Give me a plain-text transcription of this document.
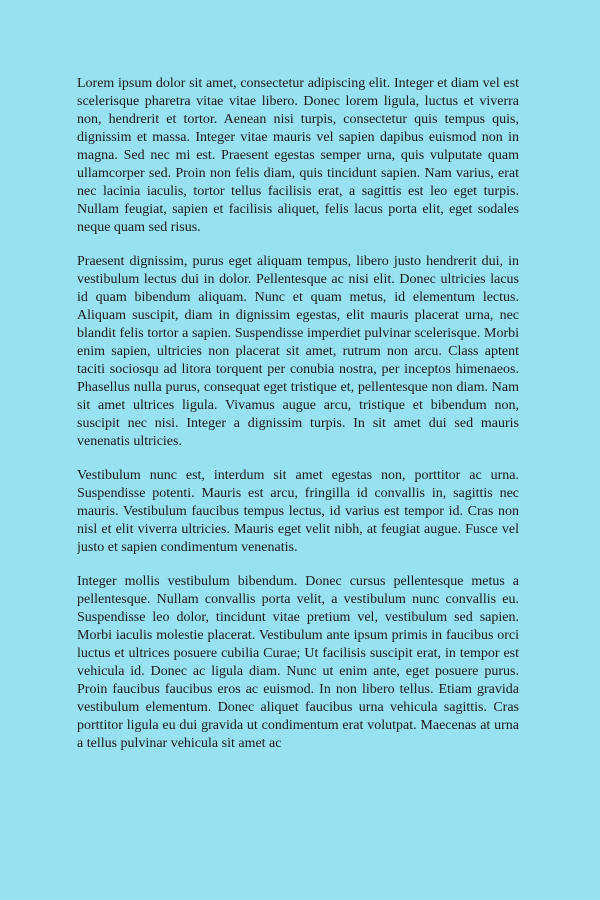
Lorem ipsum dolor sit amet, consectetur adipiscing elit. Integer et diam vel est scelerisque pharetra vitae vitae libero. Donec lorem ligula, luctus et viverra non, hendrerit et tortor. Aenean nisi turpis, consectetur quis tempus quis, dignissim et massa. Integer vitae mauris vel sapien dapibus euismod non in magna. Sed nec mi est. Praesent egestas semper urna, quis vulputate quam ullamcorper sed. Proin non felis diam, quis tincidunt sapien. Nam varius, erat nec lacinia iaculis, tortor tellus facilisis erat, a sagittis est leo eget turpis. Nullam feugiat, sapien et facilisis aliquet, felis lacus porta elit, eget sodales neque quam sed risus.

Praesent dignissim, purus eget aliquam tempus, libero justo hendrerit dui, in vestibulum lectus dui in dolor. Pellentesque ac nisi elit. Donec ultricies lacus id quam bibendum aliquam. Nunc et quam metus, id elementum lectus. Aliquam suscipit, diam in dignissim egestas, elit mauris placerat urna, nec blandit felis tortor a sapien. Suspendisse imperdiet pulvinar scelerisque. Morbi enim sapien, ultricies non placerat sit amet, rutrum non arcu. Class aptent taciti sociosqu ad litora torquent per conubia nostra, per inceptos himenaeos. Phasellus nulla purus, consequat eget tristique et, pellentesque non diam. Nam sit amet ultrices ligula. Vivamus augue arcu, tristique et bibendum non, suscipit nec nisi. Integer a dignissim turpis. In sit amet dui sed mauris venenatis ultricies.

Vestibulum nunc est, interdum sit amet egestas non, porttitor ac urna. Suspendisse potenti. Mauris est arcu, fringilla id convallis in, sagittis nec mauris. Vestibulum faucibus tempus lectus, id varius est tempor id. Cras non nisl et elit viverra ultricies. Mauris eget velit nibh, at feugiat augue. Fusce vel justo et sapien condimentum venenatis.

Integer mollis vestibulum bibendum. Donec cursus pellentesque metus a pellentesque. Nullam convallis porta velit, a vestibulum nunc convallis eu. Suspendisse leo dolor, tincidunt vitae pretium vel, vestibulum sed sapien. Morbi iaculis molestie placerat. Vestibulum ante ipsum primis in faucibus orci luctus et ultrices posuere cubilia Curae; Ut facilisis suscipit erat, in tempor est vehicula id. Donec ac ligula diam. Nunc ut enim ante, eget posuere purus. Proin faucibus faucibus eros ac euismod. In non libero tellus. Etiam gravida vestibulum elementum. Donec aliquet faucibus urna vehicula sagittis. Cras porttitor ligula eu dui gravida ut condimentum erat volutpat. Maecenas at urna a tellus pulvinar vehicula sit amet ac
